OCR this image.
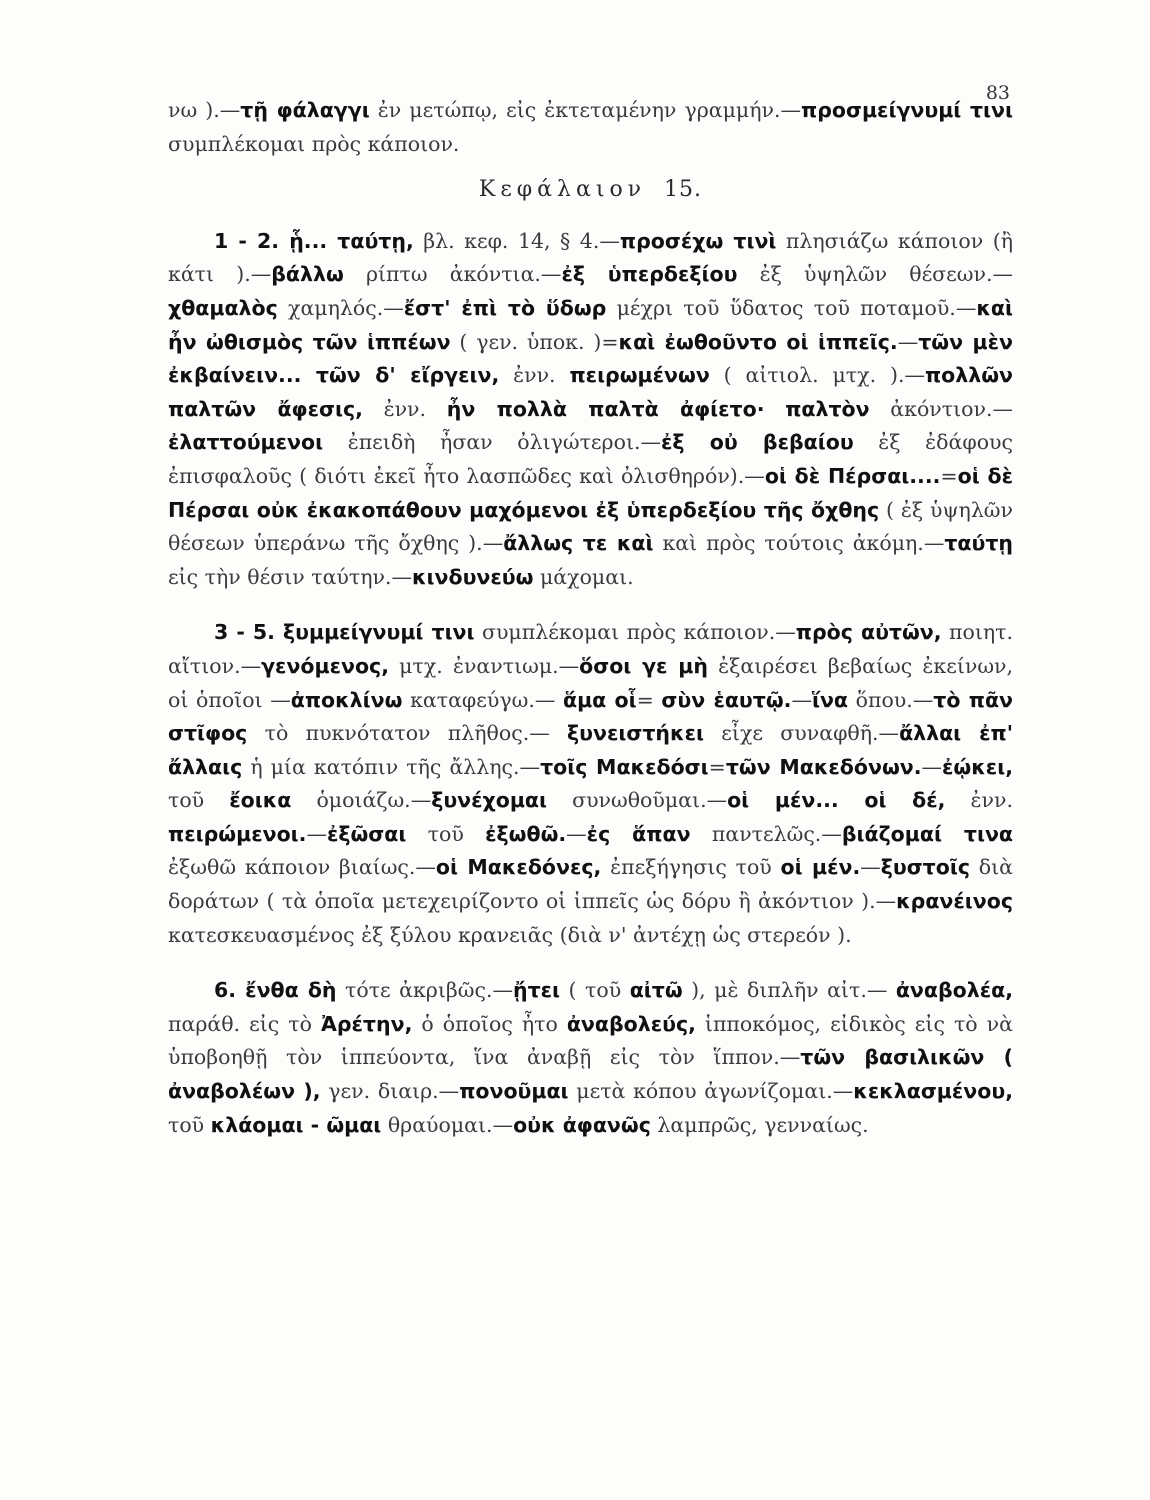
83

νω ).—τῇ φάλαγγι ἐν μετώπῳ, εἰς ἐκτεταμένην γραμμήν.—προσμείγνυμί τινι συμπλέκομαι πρὸς κάποιον.

Κεφάλαιον 15.

1 - 2. ᾗ... ταύτῃ, βλ. κεφ. 14, § 4.—προσέχω τινὶ πλησιάζω κάποιον (ἢ κάτι ).—βάλλω ρίπτω ἀκόντια.—ἐξ ὑπερδεξίου ἐξ ὑψηλῶν θέσεων.—χθαμαλὸς χαμηλός.—ἔστ' ἐπὶ τὸ ὕδωρ μέχρι τοῦ ὕδατος τοῦ ποταμοῦ.—καὶ ἦν ὠθισμὸς τῶν ἱππέων ( γεν. ὑποκ. )=καὶ ἐωθοῦντο οἱ ἱππεῖς.—τῶν μὲν ἐκβαίνειν... τῶν δ' εἴργειν, ἐνν. πειρωμένων ( αἰτιολ. μτχ. ).—πολλῶν παλτῶν ἄφεσις, ἐνν. ἦν πολλὰ παλτὰ ἀφίετο· παλτὸν ἀκόντιον.—ἐλαττούμενοι ἐπειδὴ ἦσαν ὀλιγώτεροι.—ἐξ οὐ βεβαίου ἐξ ἐδάφους ἐπισφαλοῦς ( διότι ἐκεῖ ἦτο λασπῶδες καὶ ὀλισθηρόν).—οἱ δὲ Πέρσαι....=οἱ δὲ Πέρσαι οὐκ ἐκακοπάθουν μαχόμενοι ἐξ ὑπερδεξίου τῆς ὄχθης ( ἐξ ὑψηλῶν θέσεων ὑπεράνω τῆς ὄχθης ).—ἄλλως τε καὶ καὶ πρὸς τούτοις ἀκόμη.—ταύτῃ εἰς τὴν θέσιν ταύτην.—κινδυνεύω μάχομαι.

3 - 5. ξυμμείγνυμί τινι συμπλέκομαι πρὸς κάποιον.—πρὸς αὐτῶν, ποιητ. αἴτιον.—γενόμενος, μτχ. ἐναντιωμ.—ὅσοι γε μὴ ἐξαιρέσει βεβαίως ἐκείνων, οἱ ὁποῖοι —ἀποκλίνω καταφεύγω.— ἅμα οἷ= σὺν ἑαυτῷ.—ἵνα ὅπου.—τὸ πᾶν στῖφος τὸ πυκνότατον πλῆθος.— ξυνειστήκει εἶχε συναφθῆ.—ἄλλαι ἐπ' ἄλλαις ἡ μία κατόπιν τῆς ἄλλης.—τοῖς Μακεδόσι=τῶν Μακεδόνων.—ἐῴκει, τοῦ ἔοικα ὁμοιάζω.—ξυνέχομαι συνωθοῦμαι.—οἱ μέν... οἱ δέ, ἐνν. πειρώμενοι.—ἐξῶσαι τοῦ ἐξωθῶ.—ἐς ἅπαν παντελῶς.—βιάζομαί τινα ἐξωθῶ κάποιον βιαίως.—οἱ Μακεδόνες, ἐπεξήγησις τοῦ οἱ μέν.—ξυστοῖς διὰ δοράτων ( τὰ ὁποῖα μετεχειρίζοντο οἱ ἱππεῖς ὡς δόρυ ἢ ἀκόντιον ).—κρανέινος κατεσκευασμένος ἐξ ξύλου κρανειᾶς (διὰ ν' ἀντέχῃ ὡς στερεόν ).

6. ἔνθα δὴ τότε ἀκριβῶς.—ᾔτει ( τοῦ αἰτῶ ), μὲ διπλῆν αἰτ.— ἀναβολέα, παράθ. εἰς τὸ Ἀρέτην, ὁ ὁποῖος ἦτο ἀναβολεύς, ἱπποκόμος, εἰδικὸς εἰς τὸ νὰ ὑποβοηθῇ τὸν ἱππεύοντα, ἵνα ἀναβῇ εἰς τὸν ἵππον.—τῶν βασιλικῶν ( ἀναβολέων ), γεν. διαιρ.—πονοῦμαι μετὰ κόπου ἀγωνίζομαι.—κεκλασμένου, τοῦ κλάομαι - ῶμαι θραύομαι.—οὐκ ἀφανῶς λαμπρῶς, γενναίως.
